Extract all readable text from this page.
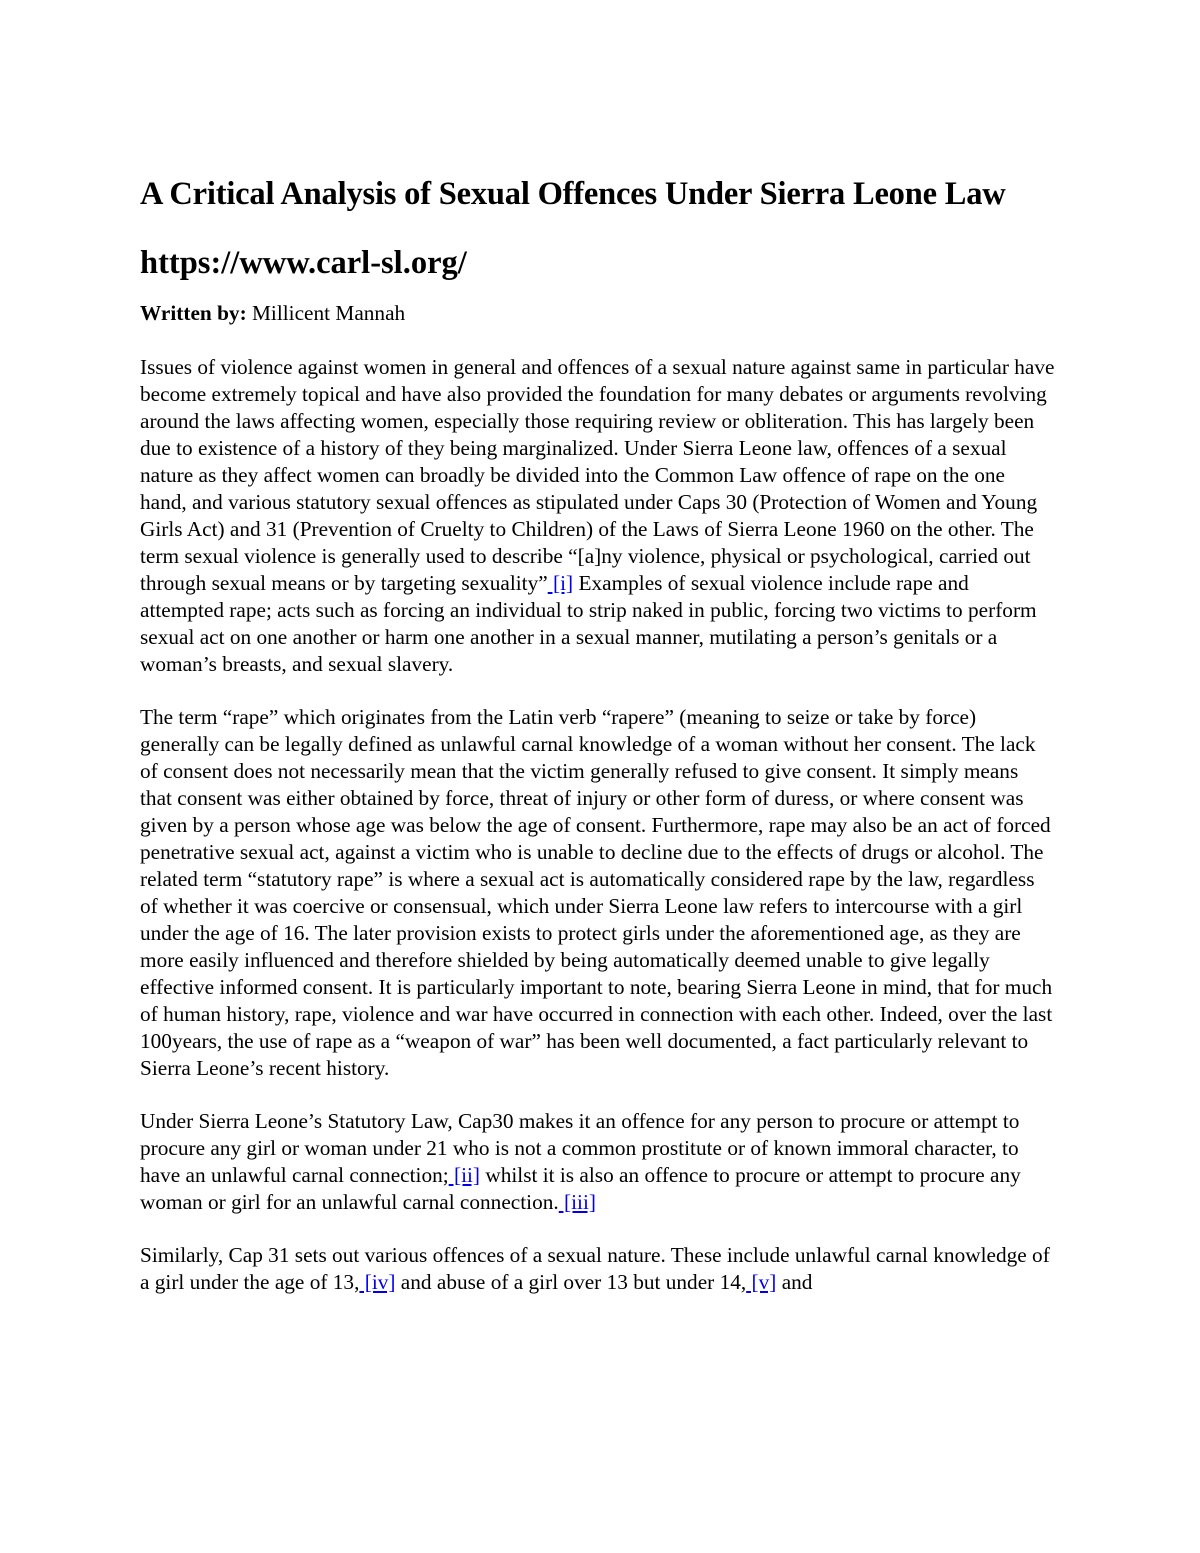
A Critical Analysis of Sexual Offences Under Sierra Leone Law
https://www.carl-sl.org/
Written by: Millicent Mannah

Issues of violence against women in general and offences of a sexual nature against same in particular have become extremely topical and have also provided the foundation for many debates or arguments revolving around the laws affecting women, especially those requiring review or obliteration. This has largely been due to existence of a history of they being marginalized. Under Sierra Leone law, offences of a sexual nature as they affect women can broadly be divided into the Common Law offence of rape on the one hand, and various statutory sexual offences as stipulated under Caps 30 (Protection of Women and Young Girls Act) and 31 (Prevention of Cruelty to Children) of the Laws of Sierra Leone 1960 on the other. The term sexual violence is generally used to describe “[a]ny violence, physical or psychological, carried out through sexual means or by targeting sexuality” [i] Examples of sexual violence include rape and attempted rape; acts such as forcing an individual to strip naked in public, forcing two victims to perform sexual act on one another or harm one another in a sexual manner, mutilating a person’s genitals or a woman’s breasts, and sexual slavery.

The term “rape” which originates from the Latin verb “rapere” (meaning to seize or take by force) generally can be legally defined as unlawful carnal knowledge of a woman without her consent. The lack of consent does not necessarily mean that the victim generally refused to give consent. It simply means that consent was either obtained by force, threat of injury or other form of duress, or where consent was given by a person whose age was below the age of consent. Furthermore, rape may also be an act of forced penetrative sexual act, against a victim who is unable to decline due to the effects of drugs or alcohol. The related term “statutory rape” is where a sexual act is automatically considered rape by the law, regardless of whether it was coercive or consensual, which under Sierra Leone law refers to intercourse with a girl under the age of 16. The later provision exists to protect girls under the aforementioned age, as they are more easily influenced and therefore shielded by being automatically deemed unable to give legally effective informed consent. It is particularly important to note, bearing Sierra Leone in mind, that for much of human history, rape, violence and war have occurred in connection with each other. Indeed, over the last 100years, the use of rape as a “weapon of war” has been well documented, a fact particularly relevant to Sierra Leone’s recent history.

Under Sierra Leone’s Statutory Law, Cap30 makes it an offence for any person to procure or attempt to procure any girl or woman under 21 who is not a common prostitute or of known immoral character, to have an unlawful carnal connection; [ii] whilst it is also an offence to procure or attempt to procure any woman or girl for an unlawful carnal connection. [iii]

Similarly, Cap 31 sets out various offences of a sexual nature. These include unlawful carnal knowledge of a girl under the age of 13, [iv] and abuse of a girl over 13 but under 14, [v] and
